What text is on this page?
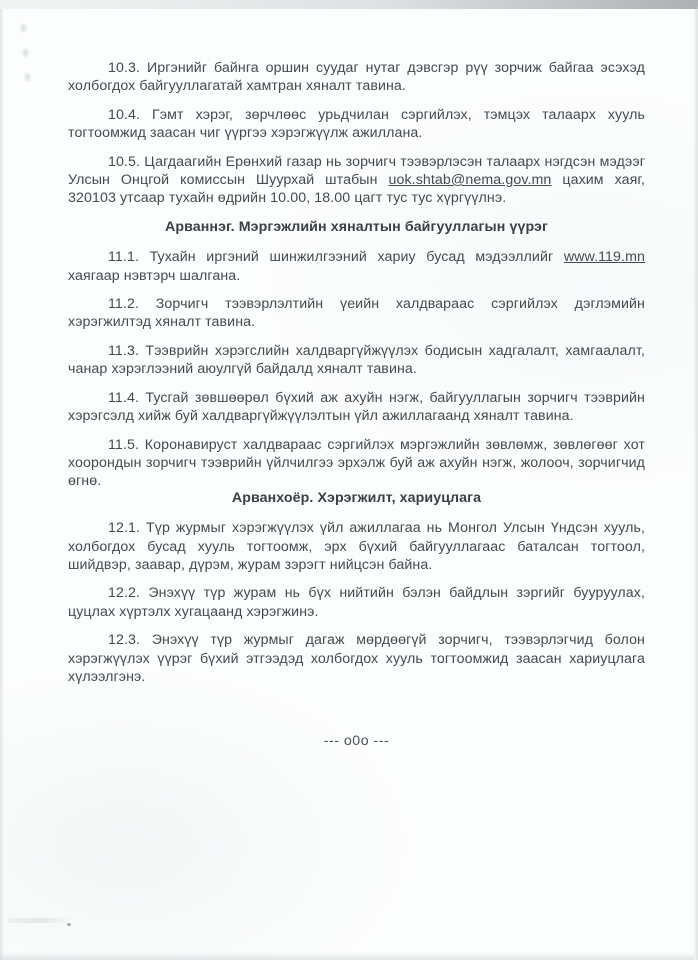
10.3. Иргэнийг байнга оршин суудаг нутаг дэвсгэр рүү зорчиж байгаа эсэхэд холбогдох байгууллагатай хамтран хяналт тавина.

10.4. Гэмт хэрэг, зөрчлөөс урьдчилан сэргийлэх, тэмцэх талаарх хууль тогтоомжид заасан чиг үүргээ хэрэгжүүлж ажиллана.

10.5. Цагдаагийн Ерөнхий газар нь зорчигч тээвэрлэсэн талаарх нэгдсэн мэдээг Улсын Онцгой комиссын Шуурхай штабын uok.shtab@nema.gov.mn цахим хаяг, 320103 утсаар тухайн өдрийн 10.00, 18.00 цагт тус тус хүргүүлнэ.

Арваннэг. Мэргэжлийн хяналтын байгууллагын үүрэг

11.1. Тухайн иргэний шинжилгээний хариу бусад мэдээллийг www.119.mn хаягаар нэвтэрч шалгана.

11.2. Зорчигч тээвэрлэлтийн үеийн халдвараас сэргийлэх дэглэмийн хэрэгжилтэд хяналт тавина.

11.3. Тээврийн хэрэгслийн халдваргүйжүүлэх бодисын хадгалалт, хамгаалалт, чанар хэрэглээний аюулгүй байдалд хяналт тавина.

11.4. Тусгай зөвшөөрөл бүхий аж ахуйн нэгж, байгууллагын зорчигч тээврийн хэрэгсэлд хийж буй халдваргүйжүүлэлтын үйл ажиллагаанд хяналт тавина.

11.5. Коронавируст халдвараас сэргийлэх мэргэжлийн зөвлөмж, зөвлөгөөг хот хоорондын зорчигч тээврийн үйлчилгээ эрхэлж буй аж ахуйн нэгж, жолооч, зорчигчид өгнө.

Арванхоёр. Хэрэгжилт, хариуцлага

12.1. Түр журмыг хэрэгжүүлэх үйл ажиллагаа нь Монгол Улсын Үндсэн хууль, холбогдох бусад хууль тогтоомж, эрх бүхий байгууллагаас баталсан тогтоол, шийдвэр, заавар, дүрэм, журам зэрэгт нийцсэн байна.

12.2. Энэхүү түр журам нь бүх нийтийн бэлэн байдлын зэргийг бууруулах, цуцлах хүртэлх хугацаанд хэрэгжинэ.

12.3. Энэхүү түр журмыг дагаж мөрдөөгүй зорчигч, тээвэрлэгчид болон хэрэгжүүлэх үүрэг бүхий этгээдэд холбогдох хууль тогтоомжид заасан хариуцлага хүлээлгэнэ.

--- о0о ---
